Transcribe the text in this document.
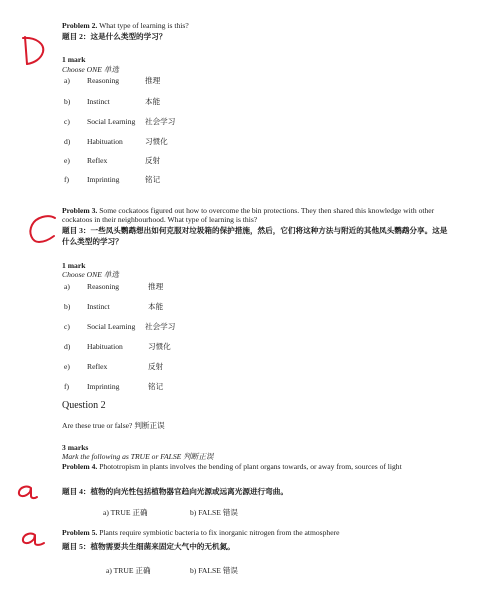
Problem 2. What type of learning is this?
题目 2：这是什么类型的学习？
1 mark
Choose ONE 单选
a) Reasoning	推理
b) Instinct	本能
c) Social Learning 社会学习
d) Habituation	习惯化
e) Reflex	反射
f) Imprinting	铭记
Problem 3. Some cockatoos figured out how to overcome the bin protections. They then shared this knowledge with other cockatoos in their neighbourhood. What type of learning is this?
题目 3：一些凤头鹦鹉想出如何克服对垃圾箱的保护措施，然后，它们将这种方法与附近的其他凤头鹦鹉分享。这是什么类型的学习？
1 mark
Choose ONE 单选
a) Reasoning	推理
b) Instinct	本能
c) Social Learning 社会学习
d) Habituation	习惯化
e) Reflex	反射
f) Imprinting	铭记
Question 2
Are these true or false? 判断正误
3 marks
Mark the following as TRUE or FALSE 判断正误
Problem 4. Phototropism in plants involves the bending of plant organs towards, or away from, sources of light
题目 4：植物的向光性包括植物器官趋向光源或远离光源进行弯曲。
a) TRUE 正确	b) FALSE 错误
Problem 5. Plants require symbiotic bacteria to fix inorganic nitrogen from the atmosphere
题目 5：植物需要共生细菌来固定大气中的无机氮。
a) TRUE 正确	b) FALSE 错误
